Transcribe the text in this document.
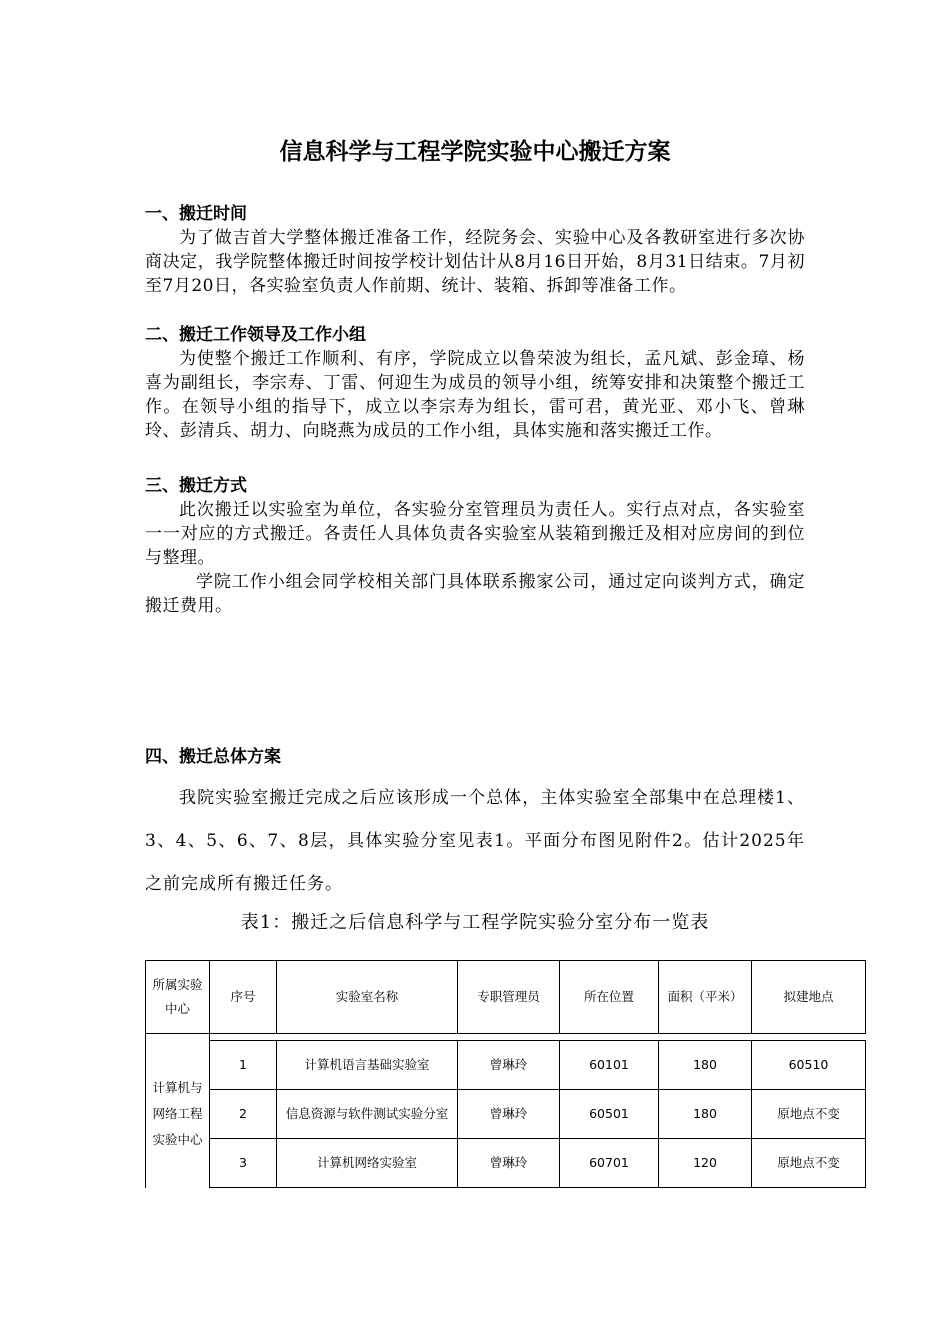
信息科学与工程学院实验中心搬迁方案
一、搬迁时间

为了做吉首大学整体搬迁准备工作，经院务会、实验中心及各教研室进行多次协商决定，我学院整体搬迁时间按学校计划估计从8月16日开始，8月31日结束。7月初至7月20日，各实验室负责人作前期、统计、装箱、拆卸等准备工作。

二、搬迁工作领导及工作小组

为使整个搬迁工作顺利、有序，学院成立以鲁荣波为组长，孟凡斌、彭金璋、杨喜为副组长，李宗寿、丁雷、何迎生为成员的领导小组，统筹安排和决策整个搬迁工作。在领导小组的指导下，成立以李宗寿为组长，雷可君，黄光亚、邓小飞、曾琳玲、彭清兵、胡力、向晓燕为成员的工作小组，具体实施和落实搬迁工作。

三、搬迁方式

此次搬迁以实验室为单位，各实验分室管理员为责任人。实行点对点，各实验室一一对应的方式搬迁。各责任人具体负责各实验室从装箱到搬迁及相对应房间的到位与整理。

学院工作小组会同学校相关部门具体联系搬家公司，通过定向谈判方式，确定搬迁费用。

四、搬迁总体方案

我院实验室搬迁完成之后应该形成一个总体，主体实验室全部集中在总理楼1、3、4、5、6、7、8层，具体实验分室见表1。平面分布图见附件2。估计2025年之前完成所有搬迁任务。

表1：搬迁之后信息科学与工程学院实验分室分布一览表
所属实验中心	序号	实验室名称	专职管理员	所在位置	面积（平米）	拟建地点

计算机与网络工程实验中心	1	计算机语言基础实验室	曾琳玲	60101	180	60510
	2	信息资源与软件测试实验分室	曾琳玲	60501	180	原地点不变
	3	计算机网络实验室	曾琳玲	60701	120	原地点不变
